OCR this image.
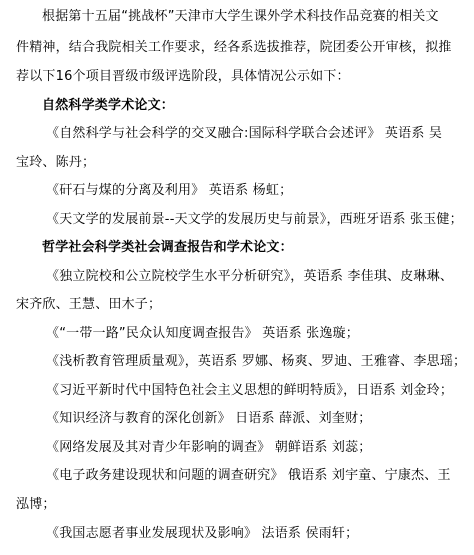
根据第十五届“挑战杯”天津市大学生课外学术科技作品竞赛的相关文
件精神，结合我院相关工作要求，经各系选拔推荐，院团委公开审核，拟推
荐以下16个项目晋级市级评选阶段，具体情况公示如下：
自然科学类学术论文：
《自然科学与社会科学的交叉融合:国际科学联合会述评》 英语系 吴
宝玲、陈丹；
《矸石与煤的分离及利用》 英语系 杨虹；
《天文学的发展前景--天文学的发展历史与前景》，西班牙语系 张玉健；
哲学社会科学类社会调查报告和学术论文：
《独立院校和公立院校学生水平分析研究》，英语系 李佳琪、皮琳琳、
宋齐欣、王慧、田木子；
《“一带一路”民众认知度调查报告》 英语系 张逸璇；
《浅析教育管理质量观》，英语系 罗娜、杨爽、罗迪、王雅睿、李思瑶；
《习近平新时代中国特色社会主义思想的鲜明特质》，日语系 刘金玲；
《知识经济与教育的深化创新》 日语系 薛派、刘奎财；
《网络发展及其对青少年影响的调查》 朝鲜语系 刘蕊；
《电子政务建设现状和问题的调查研究》 俄语系 刘宇童、宁康杰、王
泓博；
《我国志愿者事业发展现状及影响》 法语系 侯雨轩；
